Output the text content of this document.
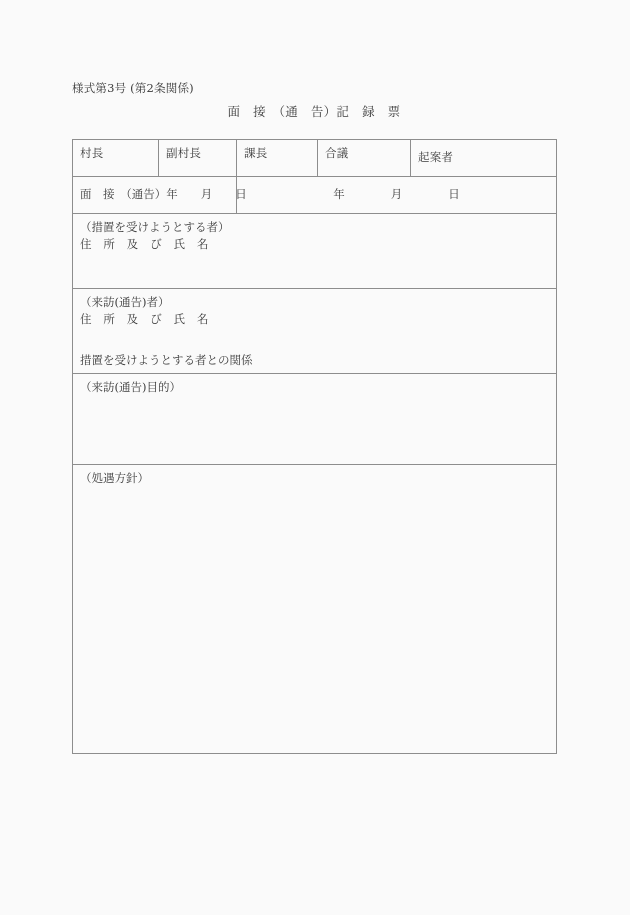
様式第3号 (第2条関係)
面　接　（通　告）記　録　票
村長	副村長	課長	合議	起案者

面　接　（通告）年　　月　　日		年　　　　月　　　　日		

（措置を受けようとする者）
住　所　及　び　氏　名				

（来訪(通告)者）
住　所　及　び　氏　名
措置を受けようとする者との関係				

（来訪(通告)目的）				

（処遇方針）				
